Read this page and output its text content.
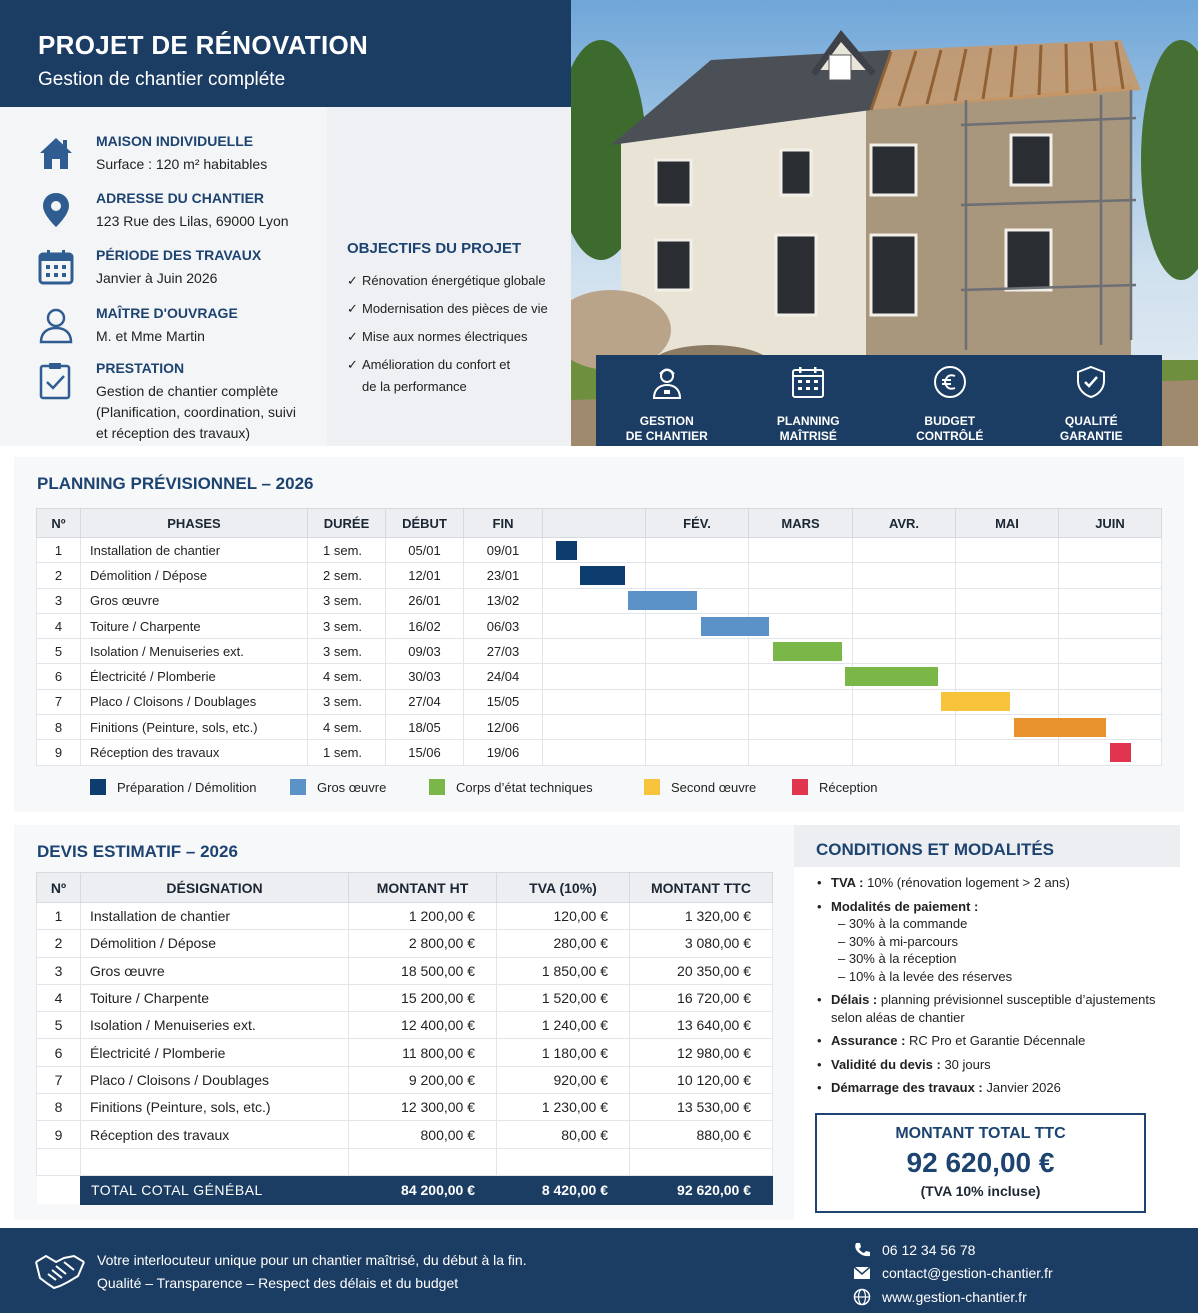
PROJET DE RÉNOVATION
Gestion de chantier compléte
MAISON INDIVIDUELLE
Surface : 120 m² habitables
ADRESSE DU CHANTIER
123 Rue des Lilas, 69000 Lyon
PÉRIODE DES TRAVAUX
Janvier à Juin 2026
MAÎTRE D'OUVRAGE
M. et Mme Martin
PRESTATION
Gestion de chantier complète (Planification, coordination, suivi et réception des travaux)
OBJECTIFS DU PROJET
✓ Rénovation énergétique globale
✓ Modernisation des pièces de vie
✓ Mise aux normes électriques
✓ Amélioration du confort et de la performance
GESTION
DE CHANTIER
PLANNING
MAÎTRISÉ
BUDGET
CONTRÔLÉ
QUALITÉ
GARANTIE
PLANNING PRÉVISIONNEL – 2026
Nº	PHASES	DURÉE	DÉBUT	FIN		FÉV.	MARS	AVR.	MAI	JUIN
1	Installation de chantier	1 sem.	05/01	09/01						
2	Démolition / Dépose	2 sem.	12/01	23/01						
3	Gros œuvre	3 sem.	26/01	13/02						
4	Toiture / Charpente	3 sem.	16/02	06/03						
5	Isolation / Menuiseries ext.	3 sem.	09/03	27/03						
6	Électricité / Plomberie	4 sem.	30/03	24/04						
7	Placo / Cloisons / Doublages	3 sem.	27/04	15/05						
8	Finitions (Peinture, sols, etc.)	4 sem.	18/05	12/06						
9	Réception des travaux	1 sem.	15/06	19/06						
Préparation / Démolition	Gros œuvre	Corps d’état techniques	Second œuvre	Réception
DEVIS ESTIMATIF – 2026
Nº	DÉSIGNATION	MONTANT HT	TVA (10%)	MONTANT TTC
1	Installation de chantier	1 200,00 €	120,00 €	1 320,00 €
2	Démolition / Dépose	2 800,00 €	280,00 €	3 080,00 €
3	Gros œuvre	18 500,00 €	1 850,00 €	20 350,00 €
4	Toiture / Charpente	15 200,00 €	1 520,00 €	16 720,00 €
5	Isolation / Menuiseries ext.	12 400,00 €	1 240,00 €	13 640,00 €
6	Électricité / Plomberie	11 800,00 €	1 180,00 €	12 980,00 €
7	Placo / Cloisons / Doublages	9 200,00 €	920,00 €	10 120,00 €
8	Finitions (Peinture, sols, etc.)	12 300,00 €	1 230,00 €	13 530,00 €
9	Réception des travaux	800,00 €	80,00 €	880,00 €

	TOTAL COTAL GÉNÉBAL	84 200,00 €	8 420,00 €	92 620,00 €
CONDITIONS ET MODALITÉS
• TVA : 10% (rénovation logement > 2 ans)
• Modalités de paiement :
– 30% à la commande
– 30% à mi-parcours
– 30% à la réception
– 10% à la levée des réserves
• Délais : planning prévisionnel susceptible d’ajustements selon aléas de chantier
• Assurance : RC Pro et Garantie Décennale
• Validité du devis : 30 jours
• Démarrage des travaux : Janvier 2026
MONTANT TOTAL TTC
92 620,00 €
(TVA 10% incluse)
Votre interlocuteur unique pour un chantier maîtrisé, du début à la fin.
Qualité – Transparence – Respect des délais et du budget
06 12 34 56 78
contact@gestion-chantier.fr
www.gestion-chantier.fr
